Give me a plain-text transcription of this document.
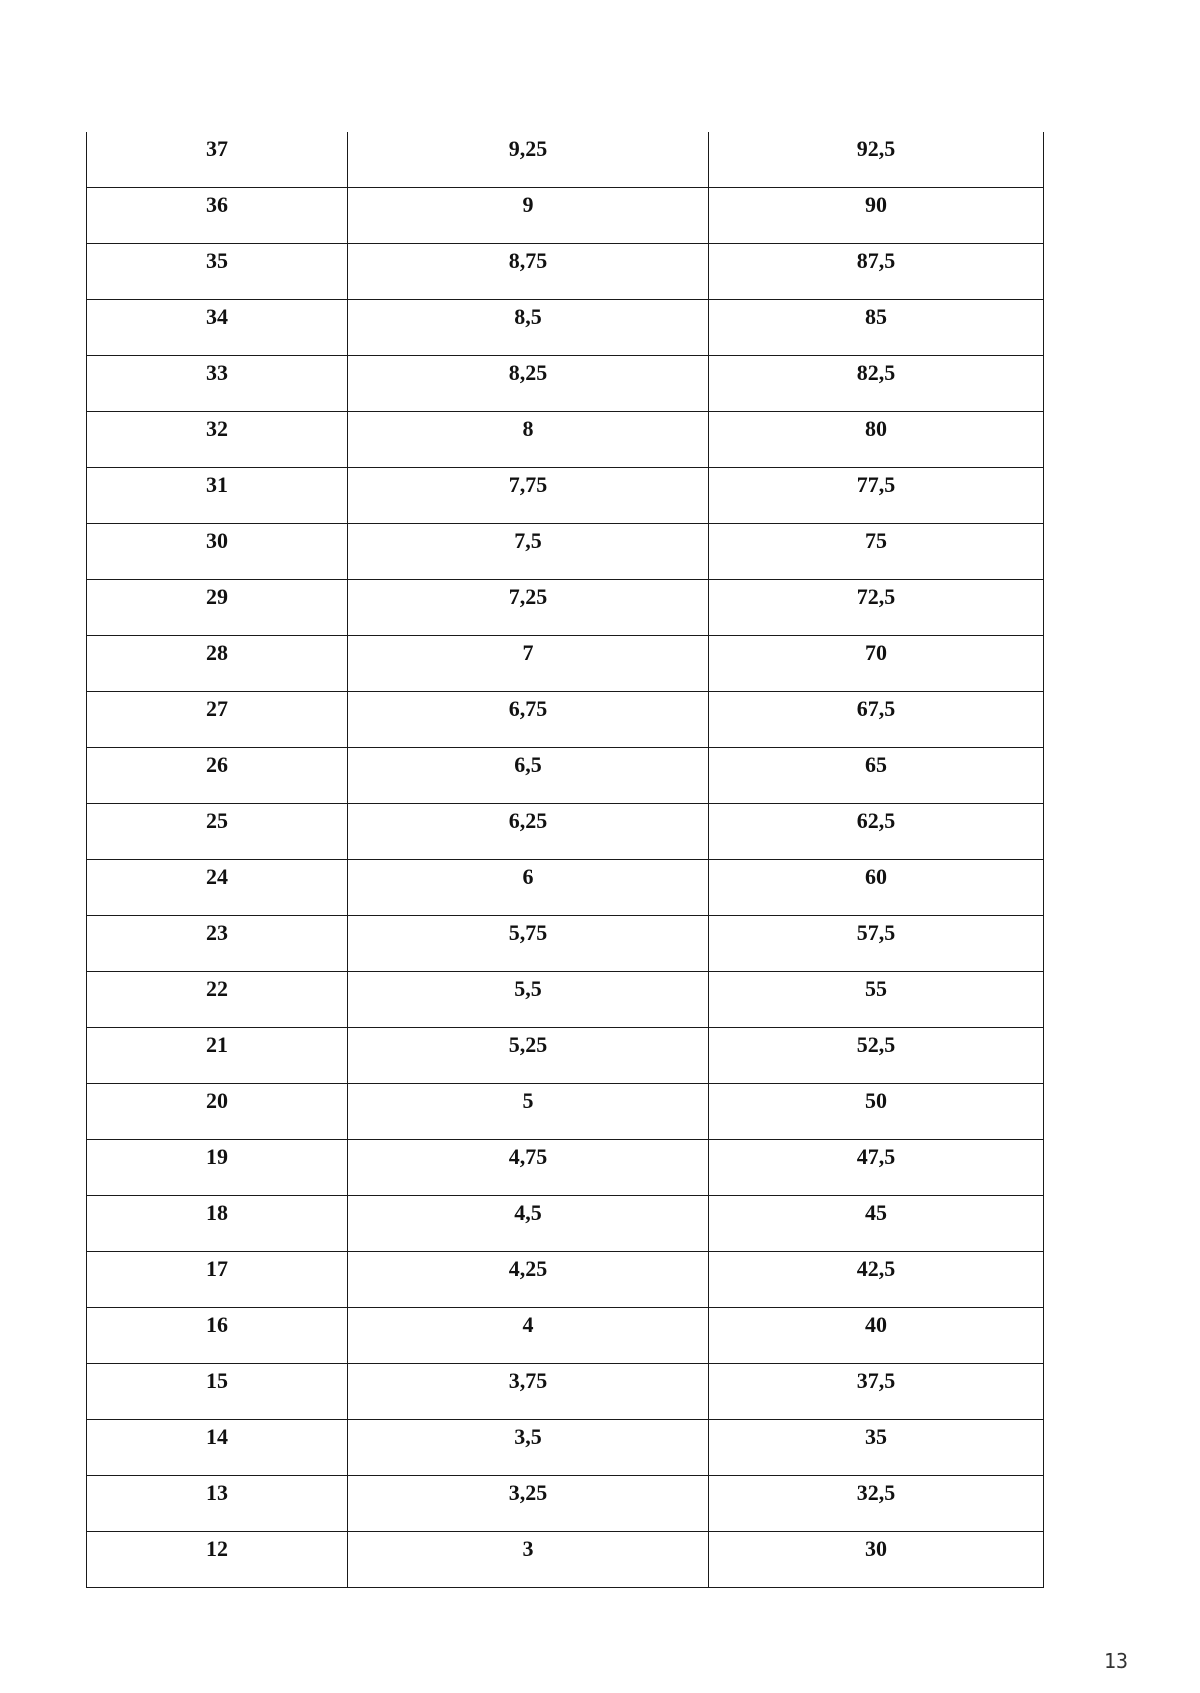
37	9,25	92,5
36	9	90
35	8,75	87,5
34	8,5	85
33	8,25	82,5
32	8	80
31	7,75	77,5
30	7,5	75
29	7,25	72,5
28	7	70
27	6,75	67,5
26	6,5	65
25	6,25	62,5
24	6	60
23	5,75	57,5
22	5,5	55
21	5,25	52,5
20	5	50
19	4,75	47,5
18	4,5	45
17	4,25	42,5
16	4	40
15	3,75	37,5
14	3,5	35
13	3,25	32,5
12	3	30
13
